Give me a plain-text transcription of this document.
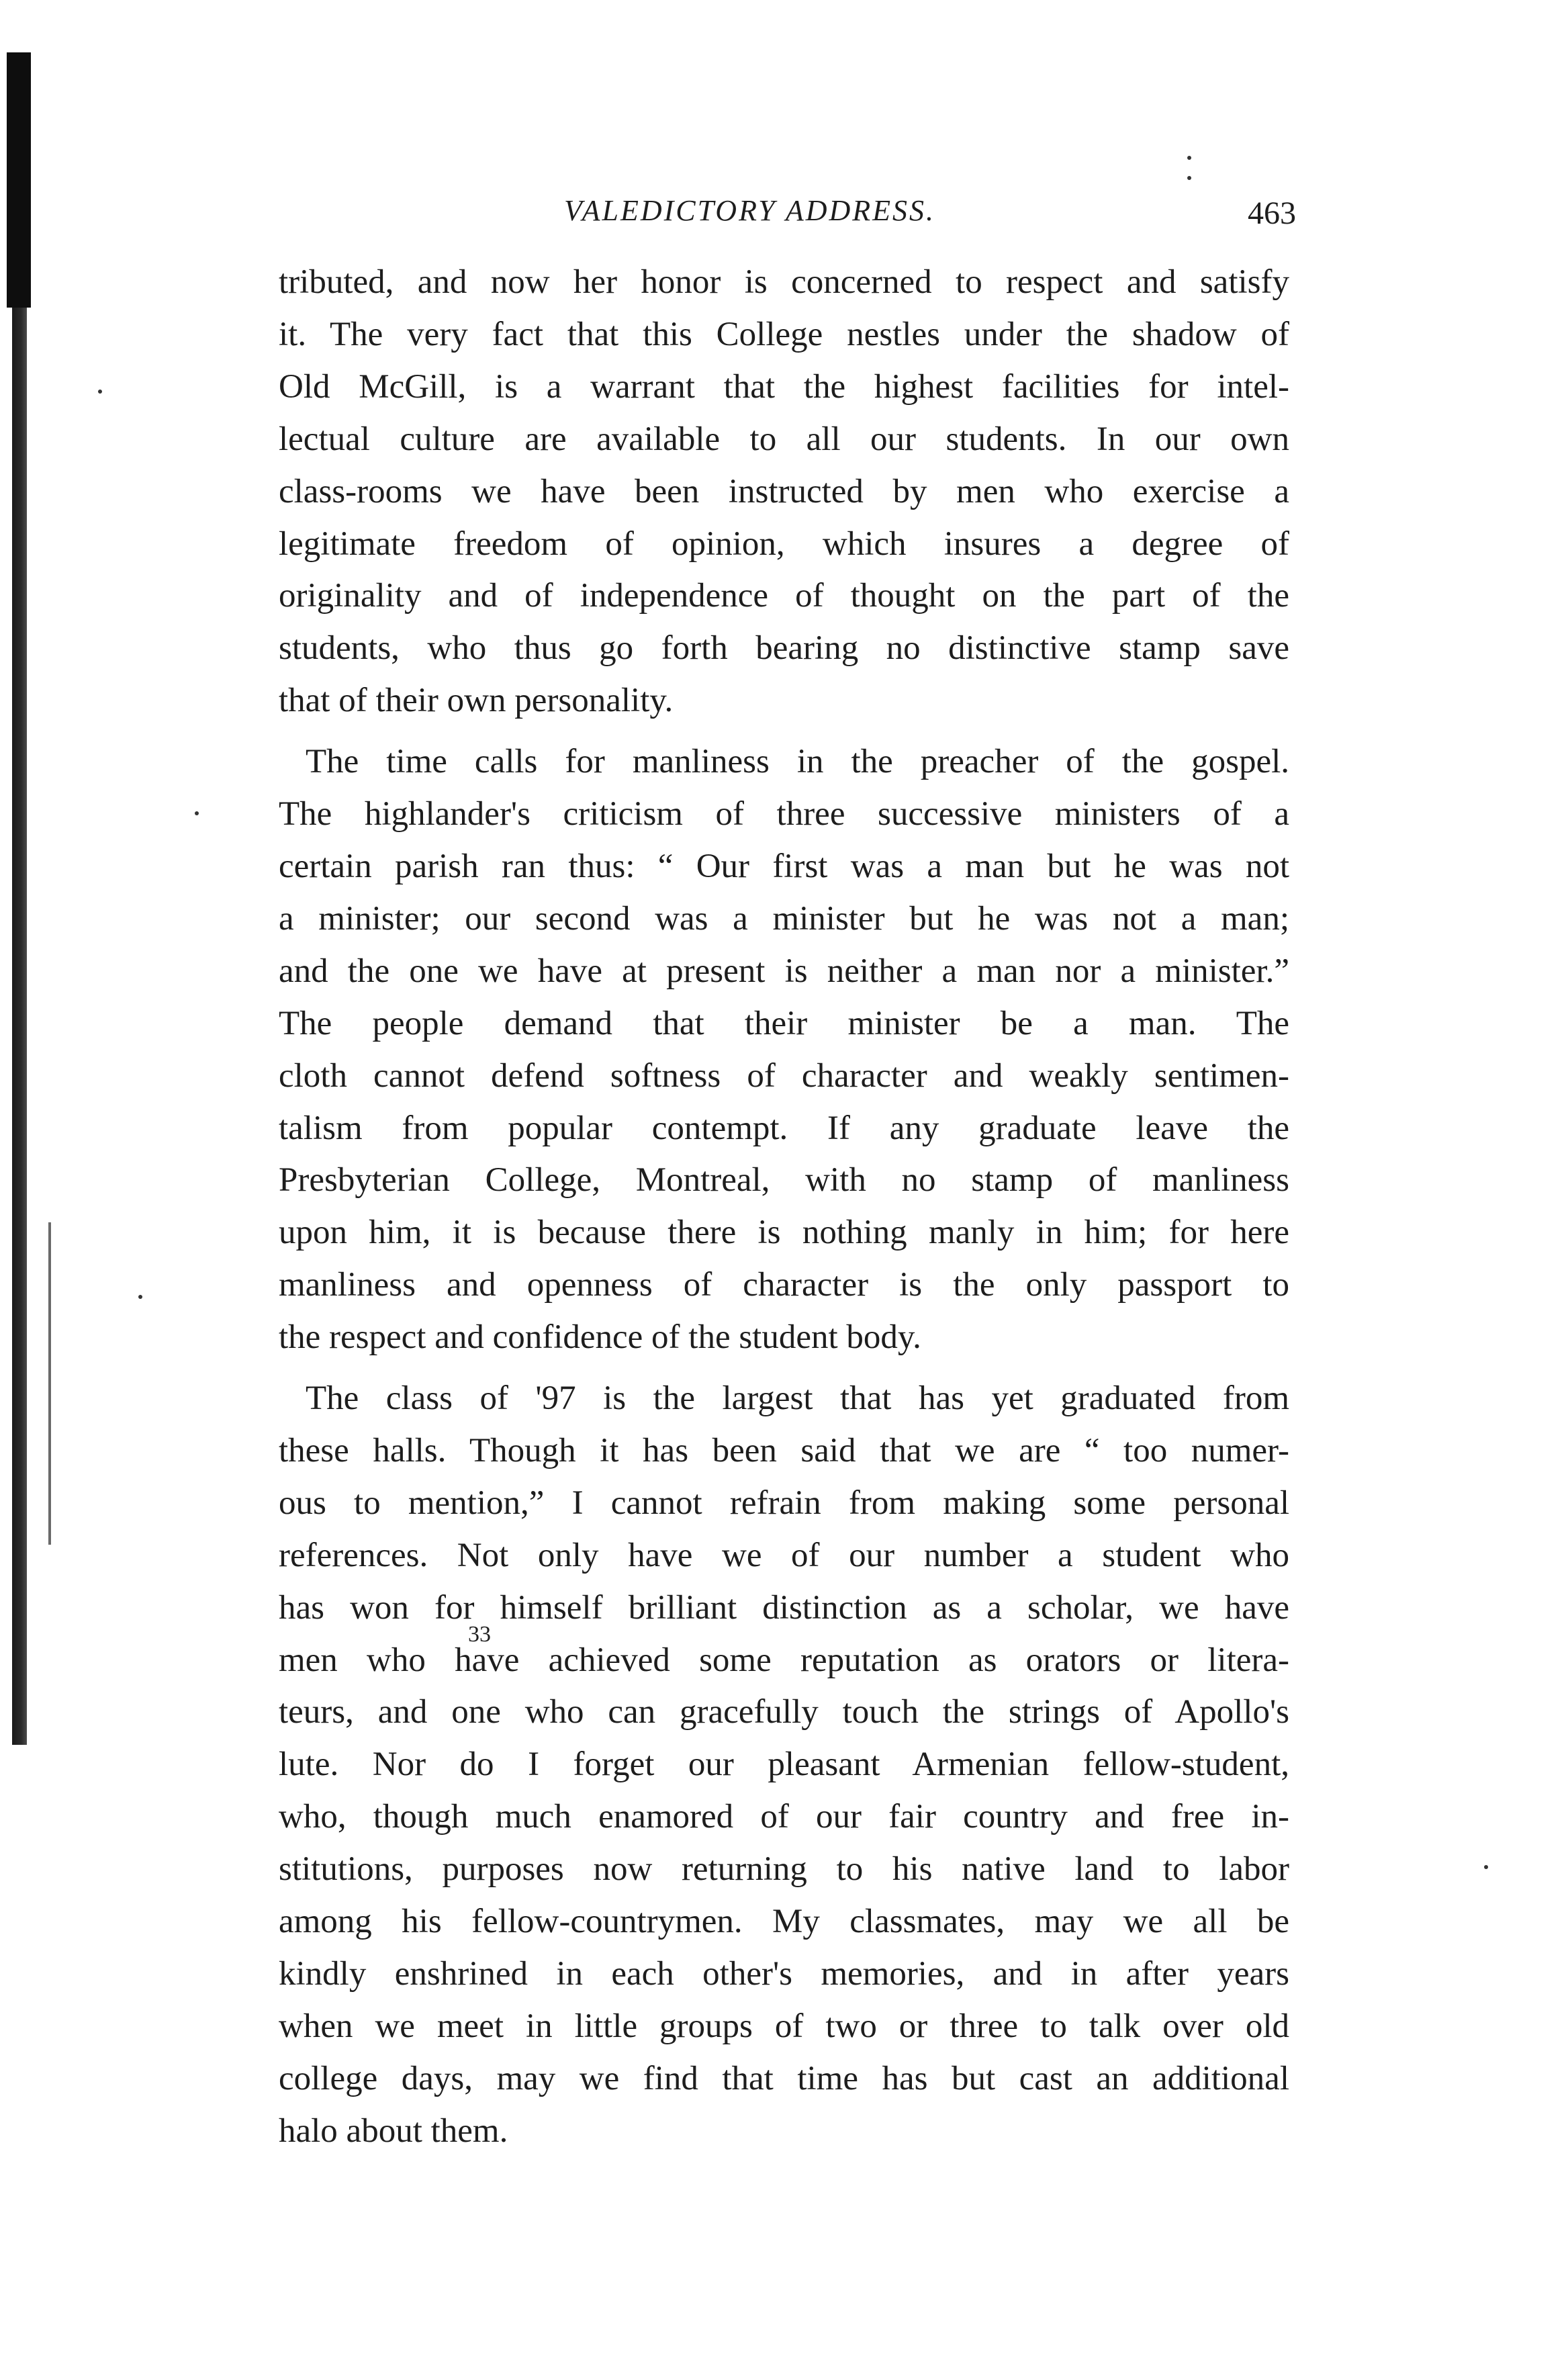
VALEDICTORY ADDRESS.	463

tributed, and now her honor is concerned to respect and satisfy
it. The very fact that this College nestles under the shadow of
Old McGill, is a warrant that the highest facilities for intel-
lectual culture are available to all our students. In our own
class-rooms we have been instructed by men who exercise a
legitimate freedom of opinion, which insures a degree of
originality and of independence of thought on the part of the
students, who thus go forth bearing no distinctive stamp save
that of their own personality.

The time calls for manliness in the preacher of the gospel.
The highlander's criticism of three successive ministers of a
certain parish ran thus: “ Our first was a man but he was not
a minister; our second was a minister but he was not a man;
and the one we have at present is neither a man nor a minister.”
The people demand that their minister be a man. The
cloth cannot defend softness of character and weakly sentimen-
talism from popular contempt. If any graduate leave the
Presbyterian College, Montreal, with no stamp of manliness
upon him, it is because there is nothing manly in him; for here
manliness and openness of character is the only passport to
the respect and confidence of the student body.

The class of '97 is the largest that has yet graduated from
these halls. Though it has been said that we are “ too numer-
ous to mention,” I cannot refrain from making some personal
references. Not only have we of our number a student who
has won for himself brilliant distinction as a scholar, we have
men who have achieved some reputation as orators or litera-
teurs, and one who can gracefully touch the strings of Apollo's
lute. Nor do I forget our pleasant Armenian fellow-student,
who, though much enamored of our fair country and free in-
stitutions, purposes now returning to his native land to labor
among his fellow-countrymen. My classmates, may we all be
kindly enshrined in each other's memories, and in after years
when we meet in little groups of two or three to talk over old
college days, may we find that time has but cast an additional
halo about them.

33
